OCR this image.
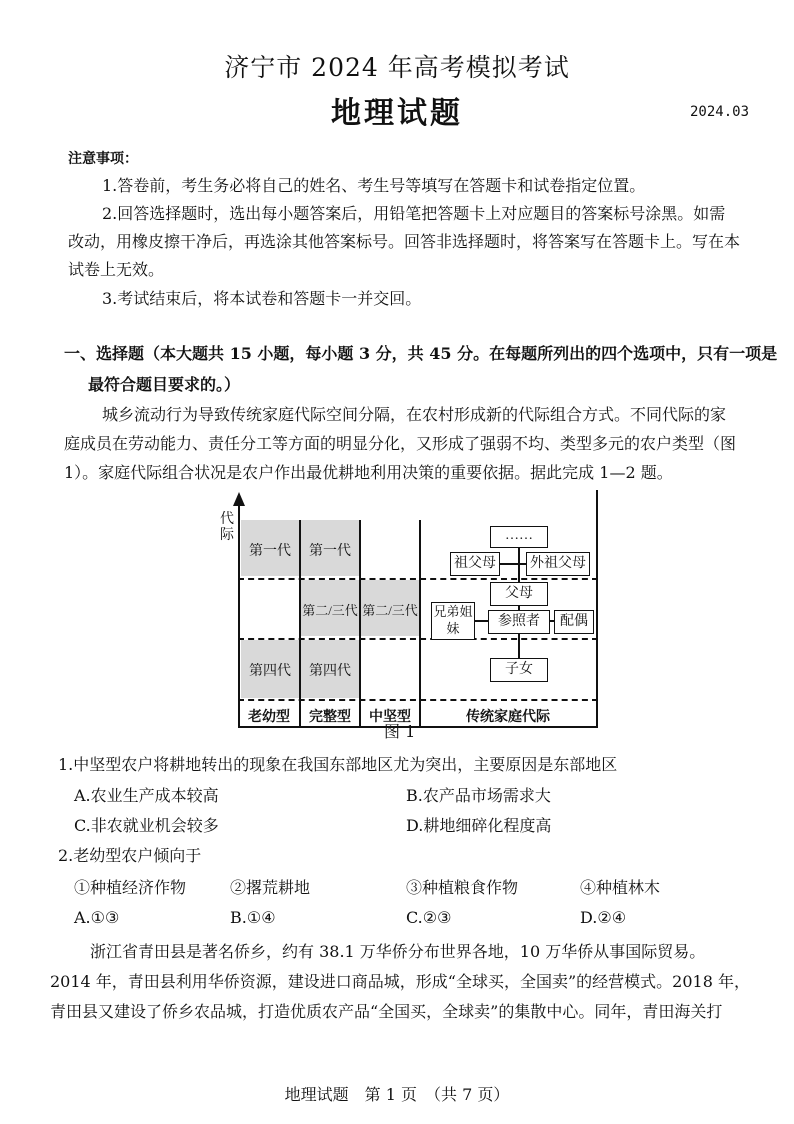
济宁市 2024 年高考模拟考试
地理试题	2024.03
注意事项：
1.答卷前，考生务必将自己的姓名、考生号等填写在答题卡和试卷指定位置。
2.回答选择题时，选出每小题答案后，用铅笔把答题卡上对应题目的答案标号涂黑。如需
改动，用橡皮擦干净后，再选涂其他答案标号。回答非选择题时，将答案写在答题卡上。写在本
试卷上无效。
3.考试结束后，将本试卷和答题卡一并交回。
一、选择题（本大题共 15 小题，每小题 3 分，共 45 分。在每题所列出的四个选项中，只有一项是
最符合题目要求的。）
城乡流动行为导致传统家庭代际空间分隔，在农村形成新的代际组合方式。不同代际的家
庭成员在劳动能力、责任分工等方面的明显分化，又形成了强弱不均、类型多元的农户类型（图
1）。家庭代际组合状况是农户作出最优耕地利用决策的重要依据。据此完成 1—2 题。
代际
第一代	第一代
第二/三代 第二/三代
第四代	第四代
……
祖父母 外祖父母
父母
兄弟姐妹	参照者	配偶
子女
老幼型	完整型	中坚型	传统家庭代际
图 1
1.中坚型农户将耕地转出的现象在我国东部地区尤为突出，主要原因是东部地区
A.农业生产成本较高	B.农产品市场需求大
C.非农就业机会较多	D.耕地细碎化程度高
2.老幼型农户倾向于
①种植经济作物	②撂荒耕地	③种植粮食作物	④种植林木
A.①③	B.①④	C.②③	D.②④
浙江省青田县是著名侨乡，约有 38.1 万华侨分布世界各地，10 万华侨从事国际贸易。
2014 年，青田县利用华侨资源，建设进口商品城，形成“全球买，全国卖”的经营模式。2018 年，
青田县又建设了侨乡农品城，打造优质农产品“全国买，全球卖”的集散中心。同年，青田海关打
地理试题　第 1 页　（共 7 页）
